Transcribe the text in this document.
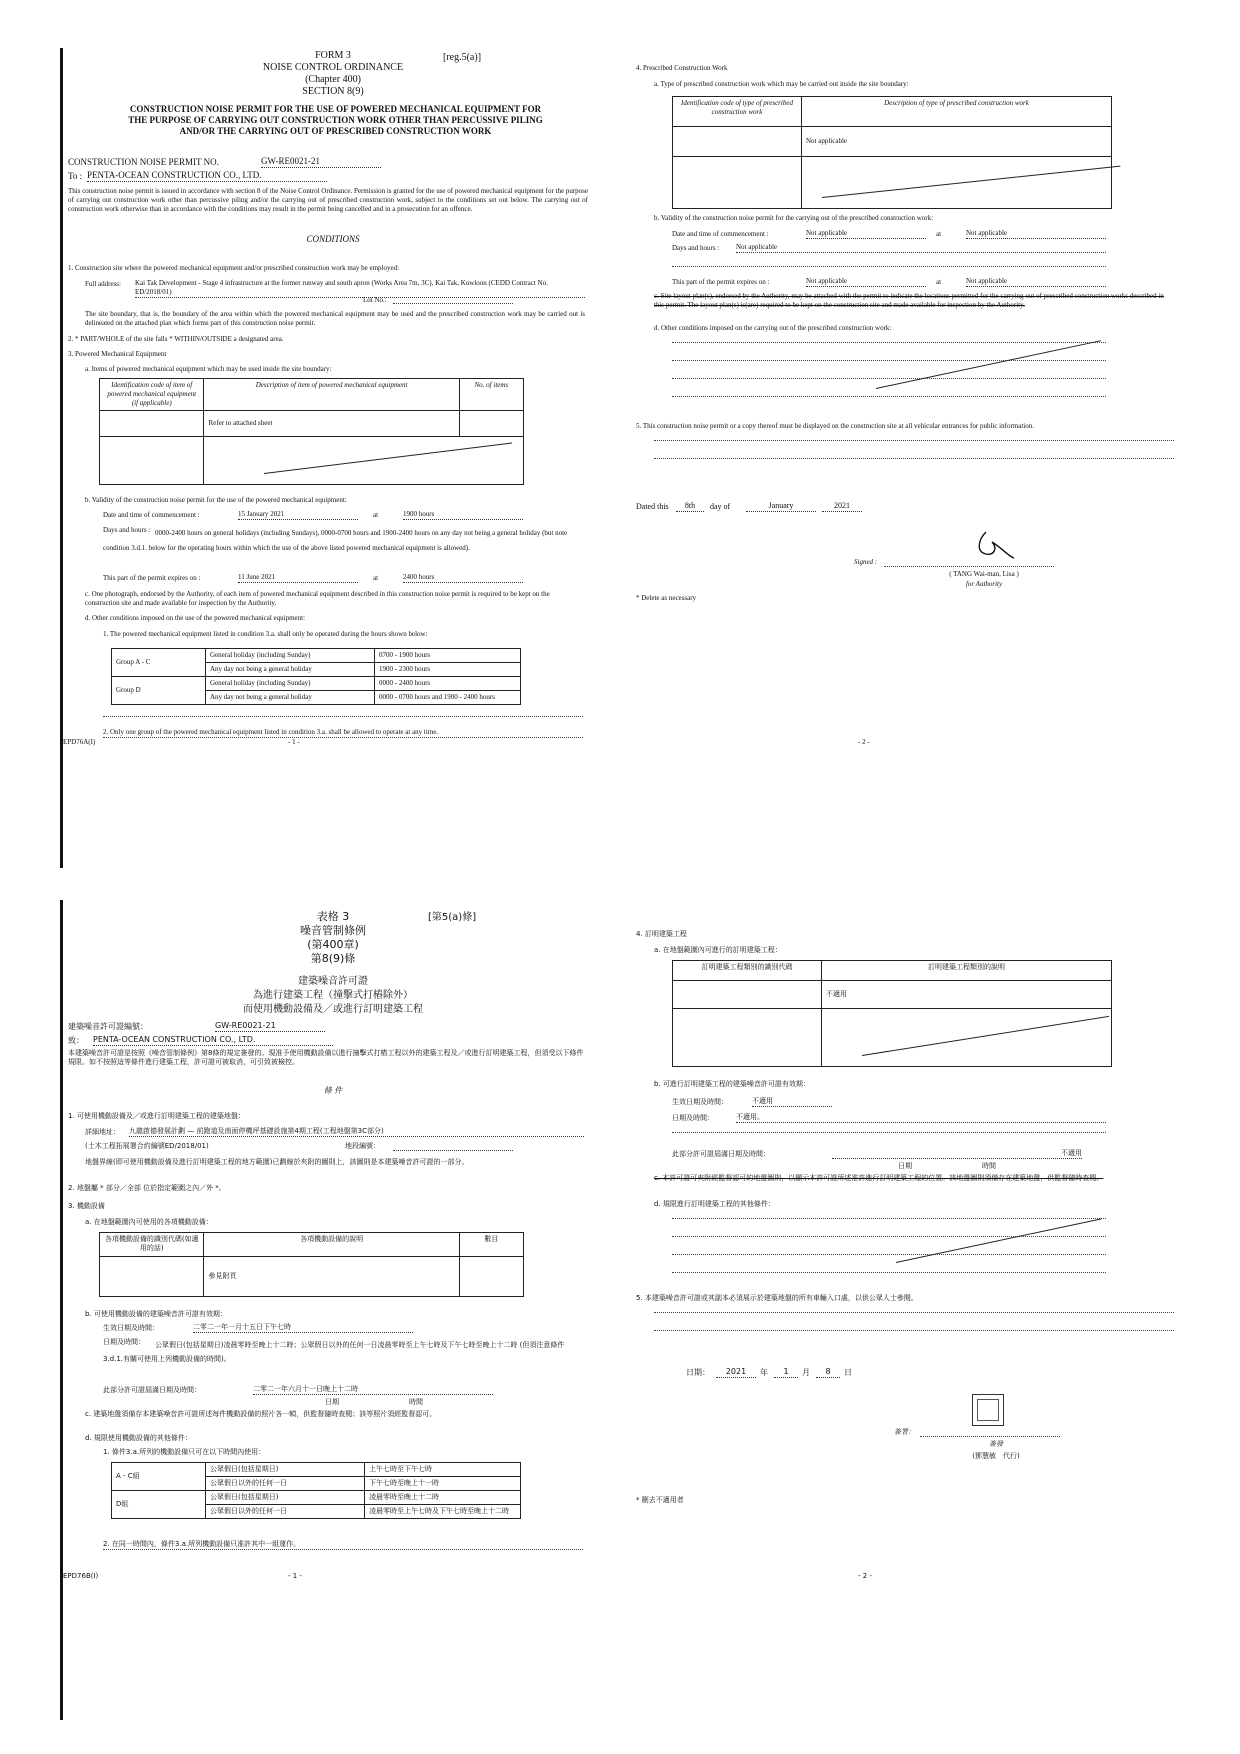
FORM 3	[reg.5(a)]
NOISE CONTROL ORDINANCE
(Chapter 400)
SECTION 8(9)
CONSTRUCTION NOISE PERMIT FOR THE USE OF POWERED MECHANICAL EQUIPMENT FOR THE PURPOSE OF CARRYING OUT CONSTRUCTION WORK OTHER THAN PERCUSSIVE PILING AND/OR THE CARRYING OUT OF PRESCRIBED CONSTRUCTION WORK
CONSTRUCTION NOISE PERMIT NO.	GW-RE0021-21
To : PENTA-OCEAN CONSTRUCTION CO., LTD.
This construction noise permit is issued in accordance with section 8 of the Noise Control Ordinance. Permission is granted for the use of powered mechanical equipment for the purpose of carrying out construction work other than percussive piling and/or the carrying out of prescribed construction work, subject to the conditions set out below. The carrying out of construction work otherwise than in accordance with the conditions may result in the permit being cancelled and in a prosecution for an offence.
CONDITIONS
1. Construction site where the powered mechanical equipment and/or prescribed construction work may be employed:
Full address: Kai Tak Development - Stage 4 infrastructure at the former runway and south apron (Works Area 7m, 3C), Kai Tak, Kowloon (CEDD Contract No. ED/2018/01)
Lot No.:
The site boundary, that is, the boundary of the area within which the powered mechanical equipment may be used and the prescribed construction work may be carried out is delineated on the attached plan which forms part of this construction noise permit.
2. * PART/WHOLE of the site falls * WITHIN/OUTSIDE a designated area.
3. Powered Mechanical Equipment
a. Items of powered mechanical equipment which may be used inside the site boundary:
Identification code of item of powered mechanical equipment (if applicable)	Description of item of powered mechanical equipment	No. of items
	Refer to attached sheet	

b. Validity of the construction noise permit for the use of the powered mechanical equipment:
Date and time of commencement :	15 January 2021	at	1900 hours
Days and hours : 0000-2400 hours on general holidays (including Sundays), 0000-0700 hours and 1900-2400 hours on any day not being a general holiday (but note condition 3.d.1. below for the operating hours within which the use of the above listed powered mechanical equipment is allowed).
This part of the permit expires on :	11 June 2021	at	2400 hours
c. One photograph, endorsed by the Authority, of each item of powered mechanical equipment described in this construction noise permit is required to be kept on the construction site and made available for inspection by the Authority.
d. Other conditions imposed on the use of the powered mechanical equipment:
1. The powered mechanical equipment listed in condition 3.a. shall only be operated during the hours shown below:
Group A - C	General holiday (including Sunday)	0700 - 1900 hours
	Any day not being a general holiday	1900 - 2300 hours
Group D	General holiday (including Sunday)	0000 - 2400 hours
	Any day not being a general holiday	0000 - 0700 hours and 1900 - 2400 hours
2. Only one group of the powered mechanical equipment listed in condition 3.a. shall be allowed to operate at any time.
EPD76A(I)	- 1 -
4. Prescribed Construction Work
a. Type of prescribed construction work which may be carried out inside the site boundary:
Identification code of type of prescribed construction work	Description of type of prescribed construction work
	Not applicable

b. Validity of the construction noise permit for the carrying out of the prescribed construction work:
Date and time of commencement :	Not applicable	at	Not applicable
Days and hours : Not applicable
This part of the permit expires on :	Not applicable	at	Not applicable
c. Site layout plan(s), endorsed by the Authority, may be attached with the permit to indicate the locations permitted for the carrying out of prescribed construction works described in this permit. The layout plan(s) is(are) required to be kept on the construction site and made available for inspection by the Authority.
d. Other conditions imposed on the carrying out of the prescribed construction work:
5. This construction noise permit or a copy thereof must be displayed on the construction site at all vehicular entrances for public information.
Dated this	8th	day of	January	2021
Signed :
( TANG Wai-man, Lisa )
for Authority
* Delete as necessary
- 2 -
表格 3	[第5(a)條]
噪音管制條例
(第400章)
第8(9)條
建築噪音許可證
為進行建築工程（撞擊式打樁除外）
而使用機動設備及／或進行訂明建築工程
建築噪音許可證編號：	GW-RE0021-21
致： PENTA-OCEAN CONSTRUCTION CO., LTD.
本建築噪音許可證是按照《噪音管制條例》第8條的規定簽發的。現准予使用機動設備以進行撞擊式打樁工程以外的建築工程及／或進行訂明建築工程，但須受以下條件規限。如不按照這等條件進行建築工程，許可證可被取消，可引致被檢控。
條 件
1. 可使用機動設備及／或進行訂明建築工程的建築地盤：
詳細地址： 九龍啟德發展計劃 — 前跑道及南面停機坪基礎設施第4期工程(工程地盤第3C部分)
(土木工程拓展署合約編號ED/2018/01)	地段編號：
地盤界線(即可使用機動設備及進行訂明建築工程的地方範圍)已劃線於夾附的圖則上，該圖則是本建築噪音許可證的一部分。
2. 地盤屬 * 部分／全部 位於指定範圍之內／外 *。
3. 機動設備
a. 在地盤範圍內可使用的各項機動設備：
各項機動設備的識別代碼(如適用的話)	各項機動設備的說明	數目
	參見附頁	
b. 可使用機動設備的建築噪音許可證有效期：
生效日期及時間：	二零二一年一月十五日下午七時
日期及時間：	公眾假日(包括星期日)凌晨零時至晚上十二時；公眾假日以外的任何一日凌晨零時至上午七時及下午七時至晚上十二時 (但須注意條件3.d.1.有關可使用上列機動設備的時間)。
此部分許可證屆滿日期及時間：	二零二一年六月十一日晚上十二時
日期	時間
c. 建築地盤須備存本建築噪音許可證所述每件機動設備的照片各一幀，供監督隨時查閱；該等照片須經監督認可。
d. 規限使用機動設備的其他條件：
1. 條件3.a.所列的機動設備只可在以下時間內使用：
A - C組	公眾假日(包括星期日)	上午七時至下午七時
	公眾假日以外的任何一日	下午七時至晚上十一時
D組	公眾假日(包括星期日)	凌晨零時至晚上十二時
	公眾假日以外的任何一日	凌晨零時至上午七時及下午七時至晚上十二時
2. 在同一時間內，條件3.a.所列機動設備只准許其中一組運作。
EPD76B(I)	- 1 -
4. 訂明建築工程
a. 在地盤範圍內可進行的訂明建築工程：
訂明建築工程類別的識別代碼	訂明建築工程類別的說明
	不適用

b. 可進行訂明建築工程的建築噪音許可證有效期：
生效日期及時間：	不適用
日期及時間：	不適用。
此部分許可證屆滿日期及時間：	不適用
日期	時間
c. 本許可證可夾附經監督認可的地盤圖則，以顯示本許可證所述准許進行訂明建築工程的位置。該地盤圖則須備存在建築地盤，供監督隨時查閱。
d. 規限進行訂明建築工程的其他條件：
5. 本建築噪音許可證或其副本必須展示於建築地盤的所有車輛入口處，以供公眾人士參閱。
日期：	2021	年	1	月	8	日
簽署：
簽發
(鄧慧敏　代行)
* 刪去不適用者
- 2 -
